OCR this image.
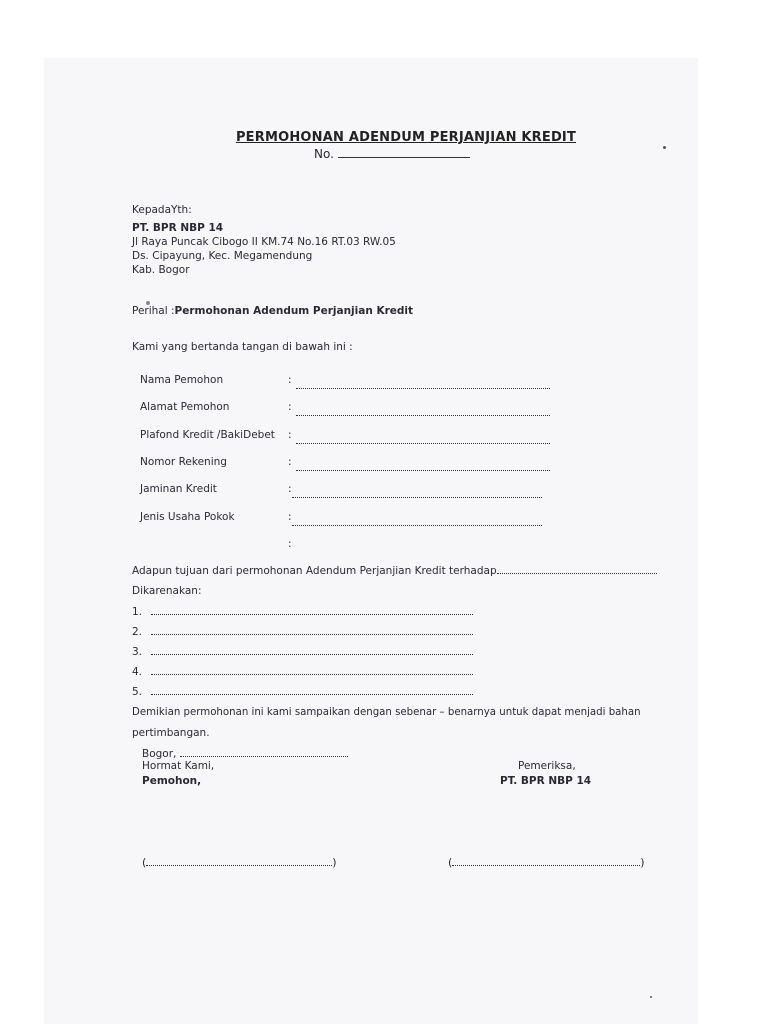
PERMOHONAN ADENDUM PERJANJIAN KREDIT
No.
KepadaYth:
PT. BPR NBP 14
Jl Raya Puncak Cibogo II KM.74 No.16 RT.03 RW.05
Ds. Cipayung, Kec. Megamendung
Kab. Bogor
Perihal :Permohonan Adendum Perjanjian Kredit
Kami yang bertanda tangan di bawah ini :
Nama Pemohon	:
Alamat Pemohon	:
Plafond Kredit /BakiDebet :
Nomor Rekening	:
Jaminan Kredit	:
Jenis Usaha Pokok	:
:
Adapun tujuan dari permohonan Adendum Perjanjian Kredit terhadap
Dikarenakan:
1.
2.
3.
4.
5.
Demikian permohonan ini kami sampaikan dengan sebenar – benarnya untuk dapat menjadi bahan
pertimbangan.
Bogor,
Hormat Kami,
Pemohon,
Pemeriksa,
PT. BPR NBP 14
(	)	(	)
